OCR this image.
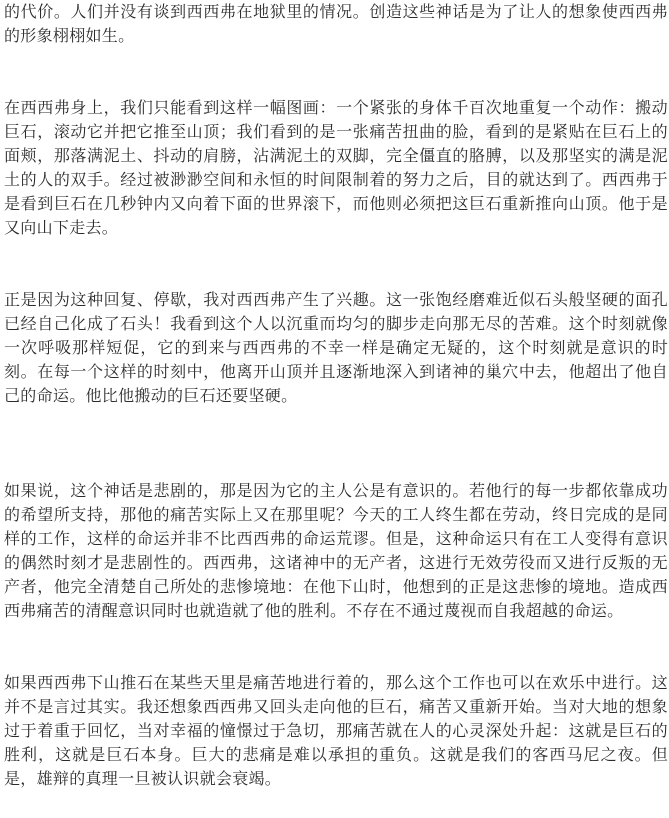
的代价。人们并没有谈到西西弗在地狱里的情况。创造这些神话是为了让人的想象使西西弗的形象栩栩如生。

在西西弗身上，我们只能看到这样一幅图画：一个紧张的身体千百次地重复一个动作：搬动巨石，滚动它并把它推至山顶；我们看到的是一张痛苦扭曲的脸，看到的是紧贴在巨石上的面颊，那落满泥土、抖动的肩膀，沾满泥土的双脚，完全僵直的胳膊，以及那坚实的满是泥土的人的双手。经过被渺渺空间和永恒的时间限制着的努力之后，目的就达到了。西西弗于是看到巨石在几秒钟内又向着下面的世界滚下，而他则必须把这巨石重新推向山顶。他于是又向山下走去。

正是因为这种回复、停歇，我对西西弗产生了兴趣。这一张饱经磨难近似石头般坚硬的面孔已经自己化成了石头！我看到这个人以沉重而均匀的脚步走向那无尽的苦难。这个时刻就像一次呼吸那样短促，它的到来与西西弗的不幸一样是确定无疑的，这个时刻就是意识的时刻。在每一个这样的时刻中，他离开山顶并且逐渐地深入到诸神的巢穴中去，他超出了他自己的命运。他比他搬动的巨石还要坚硬。

如果说，这个神话是悲剧的，那是因为它的主人公是有意识的。若他行的每一步都依靠成功的希望所支持，那他的痛苦实际上又在那里呢？今天的工人终生都在劳动，终日完成的是同样的工作，这样的命运并非不比西西弗的命运荒谬。但是，这种命运只有在工人变得有意识的偶然时刻才是悲剧性的。西西弗，这诸神中的无产者，这进行无效劳役而又进行反叛的无产者，他完全清楚自己所处的悲惨境地：在他下山时，他想到的正是这悲惨的境地。造成西西弗痛苦的清醒意识同时也就造就了他的胜利。不存在不通过蔑视而自我超越的命运。

如果西西弗下山推石在某些天里是痛苦地进行着的，那么这个工作也可以在欢乐中进行。这并不是言过其实。我还想象西西弗又回头走向他的巨石，痛苦又重新开始。当对大地的想象过于着重于回忆，当对幸福的憧憬过于急切，那痛苦就在人的心灵深处升起：这就是巨石的胜利，这就是巨石本身。巨大的悲痛是难以承担的重负。这就是我们的客西马尼之夜。但是，雄辩的真理一旦被认识就会衰竭。
